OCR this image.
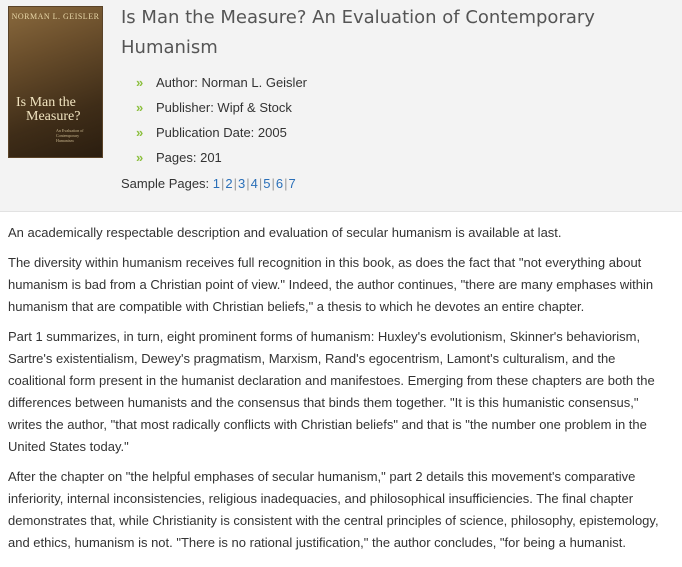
NORMAN L. GEISLER
Is Man the
Measure?
An Evaluation of Contemporary Humanism
Is Man the Measure? An Evaluation of Contemporary Humanism
» Author: Norman L. Geisler
» Publisher: Wipf & Stock
» Publication Date: 2005
» Pages: 201
Sample Pages: 1|2|3|4|5|6|7

An academically respectable description and evaluation of secular humanism is available at last.

The diversity within humanism receives full recognition in this book, as does the fact that "not everything about humanism is bad from a Christian point of view." Indeed, the author continues, "there are many emphases within humanism that are compatible with Christian beliefs," a thesis to which he devotes an entire chapter.

Part 1 summarizes, in turn, eight prominent forms of humanism: Huxley's evolutionism, Skinner's behaviorism, Sartre's existentialism, Dewey's pragmatism, Marxism, Rand's egocentrism, Lamont's culturalism, and the coalitional form present in the humanist declaration and manifestoes. Emerging from these chapters are both the differences between humanists and the consensus that binds them together. "It is this humanistic consensus," writes the author, "that most radically conflicts with Christian beliefs" and that is "the number one problem in the United States today."

After the chapter on "the helpful emphases of secular humanism," part 2 details this movement's comparative inferiority, internal inconsistencies, religious inadequacies, and philosophical insufficiencies. The final chapter demonstrates that, while Christianity is consistent with the central principles of science, philosophy, epistemology, and ethics, humanism is not. "There is no rational justification," the author concludes, "for being a humanist.
